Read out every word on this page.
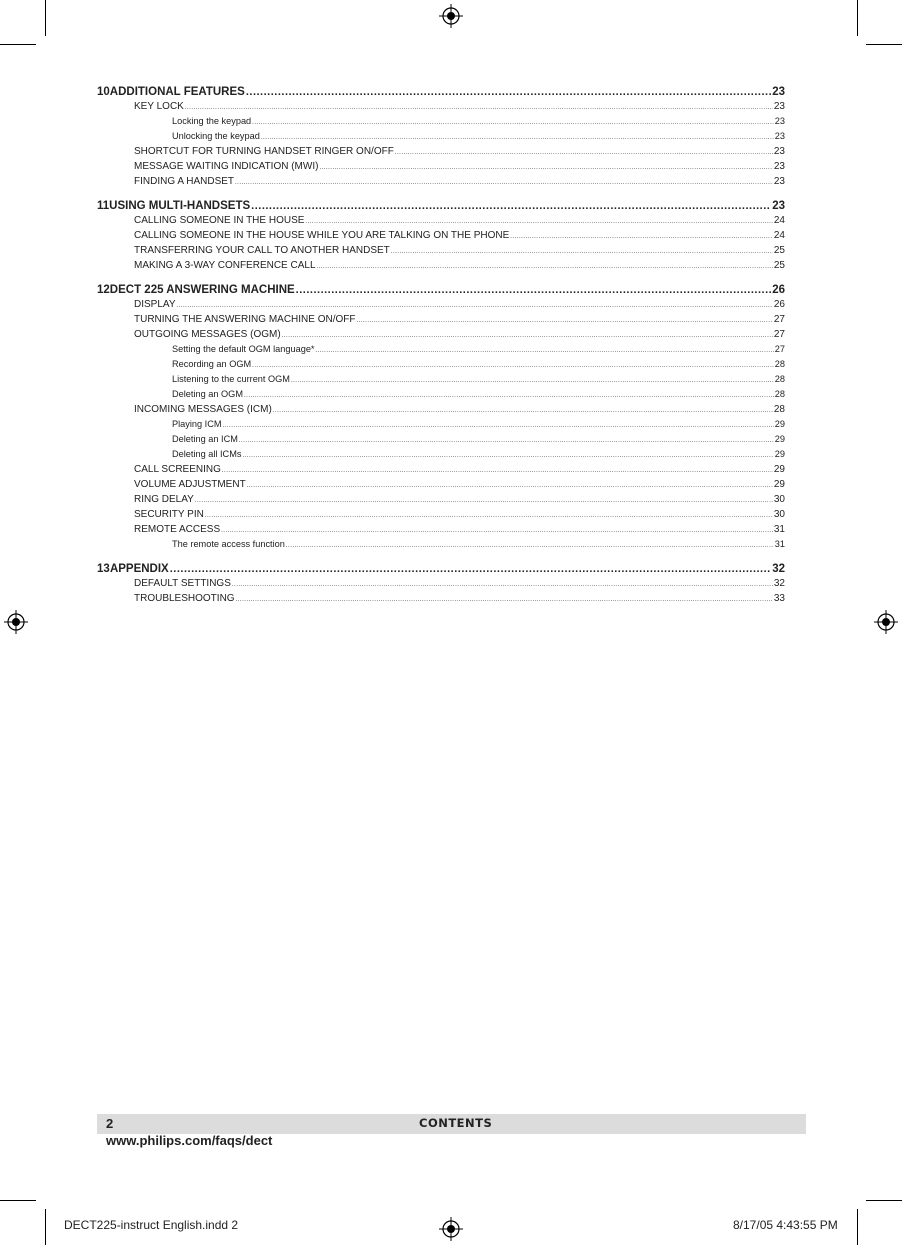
10 ADDITIONAL FEATURES .....	23
KEY LOCK .....	23
Locking the keypad .....	23
Unlocking the keypad .....	23
SHORTCUT FOR TURNING HANDSET RINGER ON/OFF .....	23
MESSAGE WAITING INDICATION (MWI) .....	23
FINDING A HANDSET .....	23
11 USING MULTI-HANDSETS .....	23
CALLING SOMEONE IN THE HOUSE .....	24
CALLING SOMEONE IN THE HOUSE WHILE YOU ARE TALKING ON THE PHONE .....	24
TRANSFERRING YOUR CALL TO ANOTHER HANDSET .....	25
MAKING A 3-WAY CONFERENCE CALL .....	25
12 DECT 225 ANSWERING MACHINE .....	26
DISPLAY .....	26
TURNING THE ANSWERING MACHINE ON/OFF .....	27
OUTGOING MESSAGES (OGM) .....	27
Setting the default OGM language* .....	27
Recording an OGM .....	28
Listening to the current OGM .....	28
Deleting an OGM .....	28
INCOMING MESSAGES (ICM) .....	28
Playing ICM .....	29
Deleting an ICM .....	29
Deleting all ICMs .....	29
CALL SCREENING .....	29
VOLUME ADJUSTMENT .....	29
RING DELAY .....	30
SECURITY PIN .....	30
REMOTE ACCESS .....	31
The remote access function .....	31
13 APPENDIX .....	32
DEFAULT SETTINGS .....	32
TROUBLESHOOTING .....	33
2	CONTENTS
www.philips.com/faqs/dect
DECT225-instruct English.indd 2	8/17/05 4:43:55 PM
